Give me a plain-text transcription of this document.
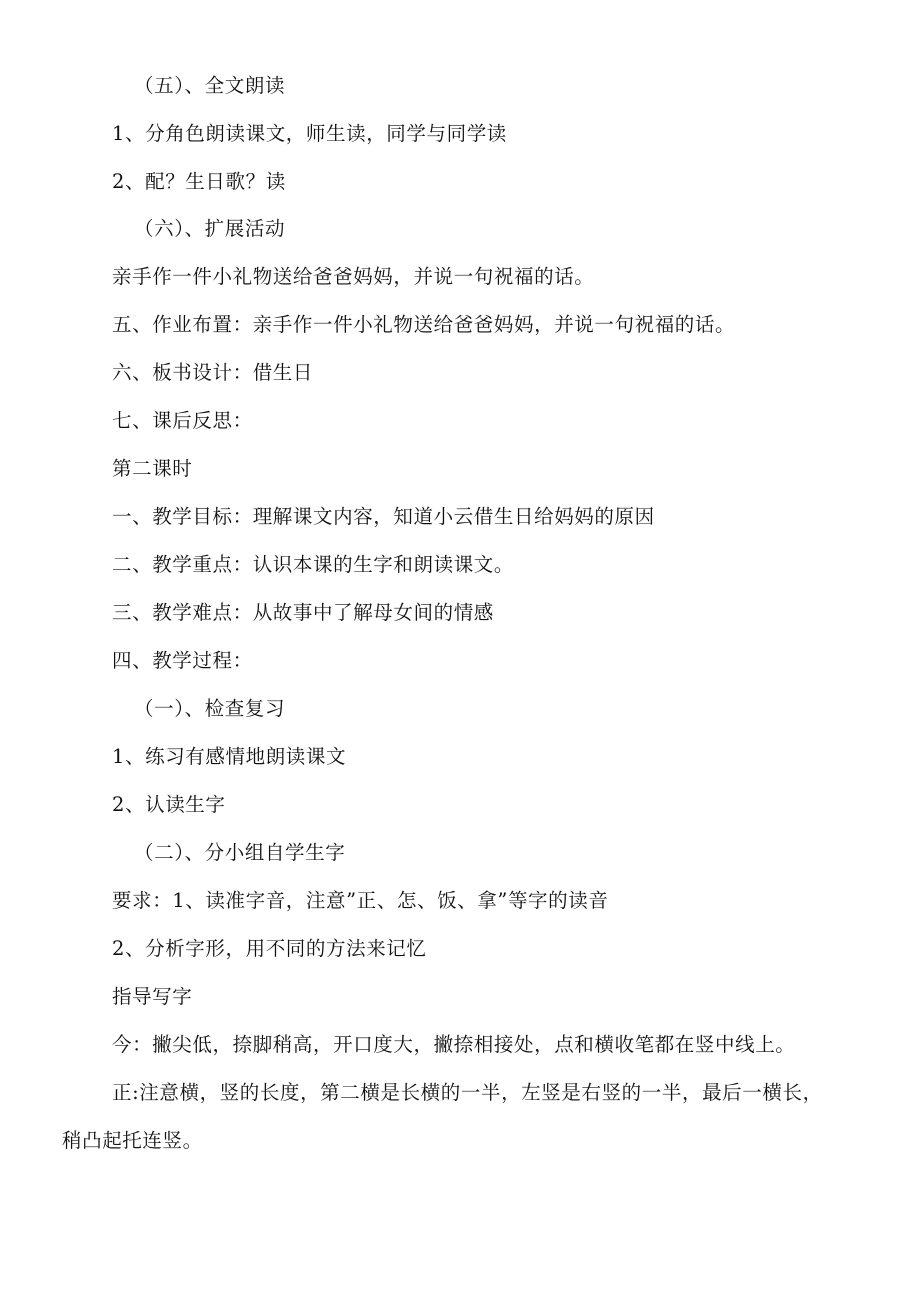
（五）、全文朗读
1、分角色朗读课文，师生读，同学与同学读
2、配？生日歌？读
（六）、扩展活动
亲手作一件小礼物送给爸爸妈妈，并说一句祝福的话。
五、作业布置：亲手作一件小礼物送给爸爸妈妈，并说一句祝福的话。
六、板书设计：借生日
七、课后反思：
第二课时
一、教学目标：理解课文内容，知道小云借生日给妈妈的原因
二、教学重点：认识本课的生字和朗读课文。
三、教学难点：从故事中了解母女间的情感
四、教学过程：
（一）、检查复习
1、练习有感情地朗读课文
2、认读生字
（二）、分小组自学生字
要求：1、读准字音，注意”正、怎、饭、拿”等字的读音
2、分析字形，用不同的方法来记忆
指导写字
今：撇尖低，捺脚稍高，开口度大，撇捺相接处，点和横收笔都在竖中线上。
正:注意横，竖的长度，第二横是长横的一半，左竖是右竖的一半，最后一横长，
稍凸起托连竖。
